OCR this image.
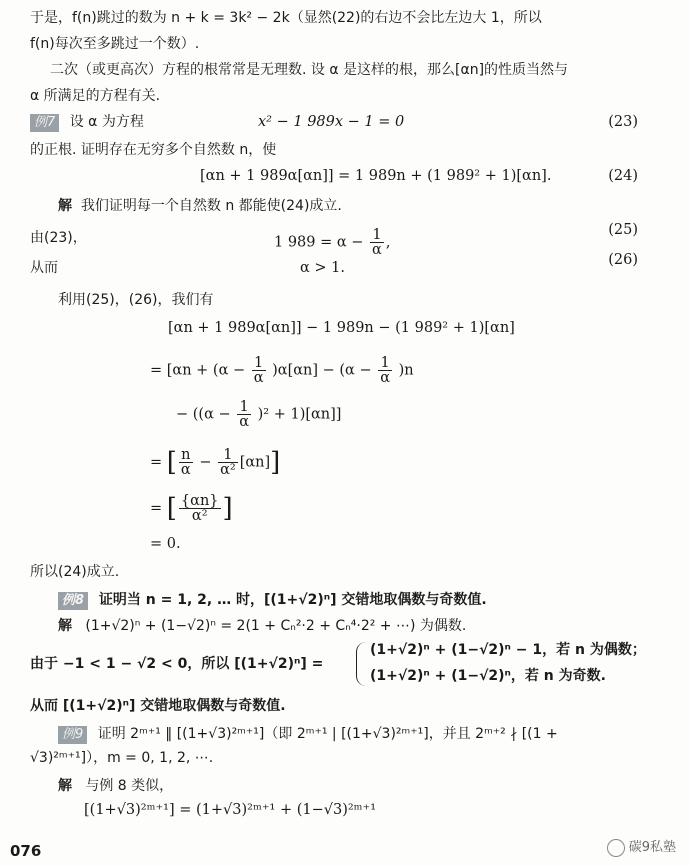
于是，f(n)跳过的数为 n + k = 3k² − 2k（显然(22)的右边不会比左边大 1，所以
f(n)每次至多跳过一个数）.
二次（或更高次）方程的根常常是无理数. 设 α 是这样的根，那么[αn]的性质当然与
α 所满足的方程有关.
例7 设 α 为方程	x² − 1 989x − 1 = 0	(23)
的正根. 证明存在无穷多个自然数 n，使
[αn + 1 989α[αn]] = 1 989n + (1 989² + 1)[αn].	(24)
解 我们证明每一个自然数 n 都能使(24)成立.
由(23)，	1 $989 = \alpha - \frac{1}{\alpha}$ ,
(25)
从而	α > 1.	(26)
利用(25)，(26)，我们有
[αn + 1 989α[αn]] − 1 989n − (1 989² + 1)[αn]
= [$\alpha n + (\alpha - \frac{1}{\alpha} )\alpha[\alpha n] - (\alpha - \frac{1}{\alpha} )n$
− $((\alpha - \frac{1}{\alpha} )^2 + 1)[\alpha n]$]
= [ $\frac{n}{\alpha} - \frac{1}{\text{α²}} [\alpha n]$]
= [ $\frac{\{\alpha n\}}{\text{α²}}$ ]
= 0.
所以(24)成立.
例8 证明当 n = 1, 2, … 时，[(1+√2)ⁿ] 交错地取偶数与奇数值.
解 (1+√2)ⁿ + (1−√2)ⁿ = 2(1 + Cₙ²·2 + Cₙ⁴·2² + ⋯) 为偶数.
由于 −1 < 1 − √2 < 0，所以 [(1+√2)ⁿ] =
(1+√2)ⁿ + (1−√2)ⁿ − 1，若 n 为偶数；
(1+√2)ⁿ + (1−√2)ⁿ，若 n 为奇数.
从而 [(1+√2)ⁿ] 交错地取偶数与奇数值.
例9 证明 2ᵐ⁺¹ ‖ [(1+√3)²ᵐ⁺¹]（即 2ᵐ⁺¹ | [(1+√3)²ᵐ⁺¹]，并且 2ᵐ⁺² ∤ [(1 +
√3)²ᵐ⁺¹]），m = 0, 1, 2, ⋯.
解 与例 8 类似，
[(1+√3)²ᵐ⁺¹] = (1+√3)²ᵐ⁺¹ + (1−√3)²ᵐ⁺¹
076	碳9私塾
